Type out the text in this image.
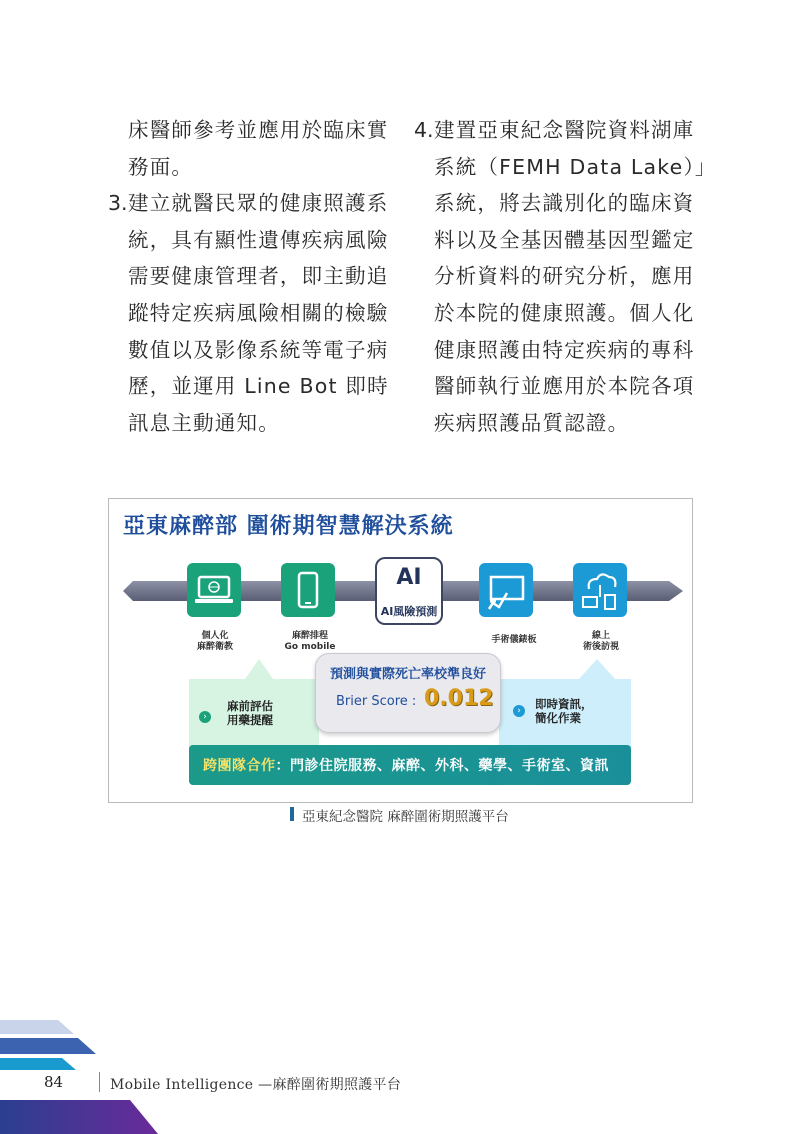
床醫師參考並應用於臨床實務面。

3.建立就醫民眾的健康照護系統，具有顯性遺傳疾病風險需要健康管理者，即主動追蹤特定疾病風險相關的檢驗數值以及影像系統等電子病歷，並運用 Line Bot 即時訊息主動通知。

4.建置亞東紀念醫院資料湖庫系統（FEMH Data Lake）」系統，將去識別化的臨床資料以及全基因體基因型鑑定分析資料的研究分析，應用於本院的健康照護。個人化健康照護由特定疾病的專科醫師執行並應用於本院各項疾病照護品質認證。

亞東麻醉部 圍術期智慧解決系統
個人化
麻醉衛教
麻醉排程
Go mobile
AI
AI風險預測
手術儀錶板	線上
術後訪視
›
麻前評估
用藥提醒
›	即時資訊，
簡化作業
預測與實際死亡率校準良好
Brier Score : 0.012
跨團隊合作：門診住院服務、麻醉、外科、藥學、手術室、資訊
亞東紀念醫院 麻醉圍術期照護平台
84	Mobile Intelligence —麻醉圍術期照護平台
